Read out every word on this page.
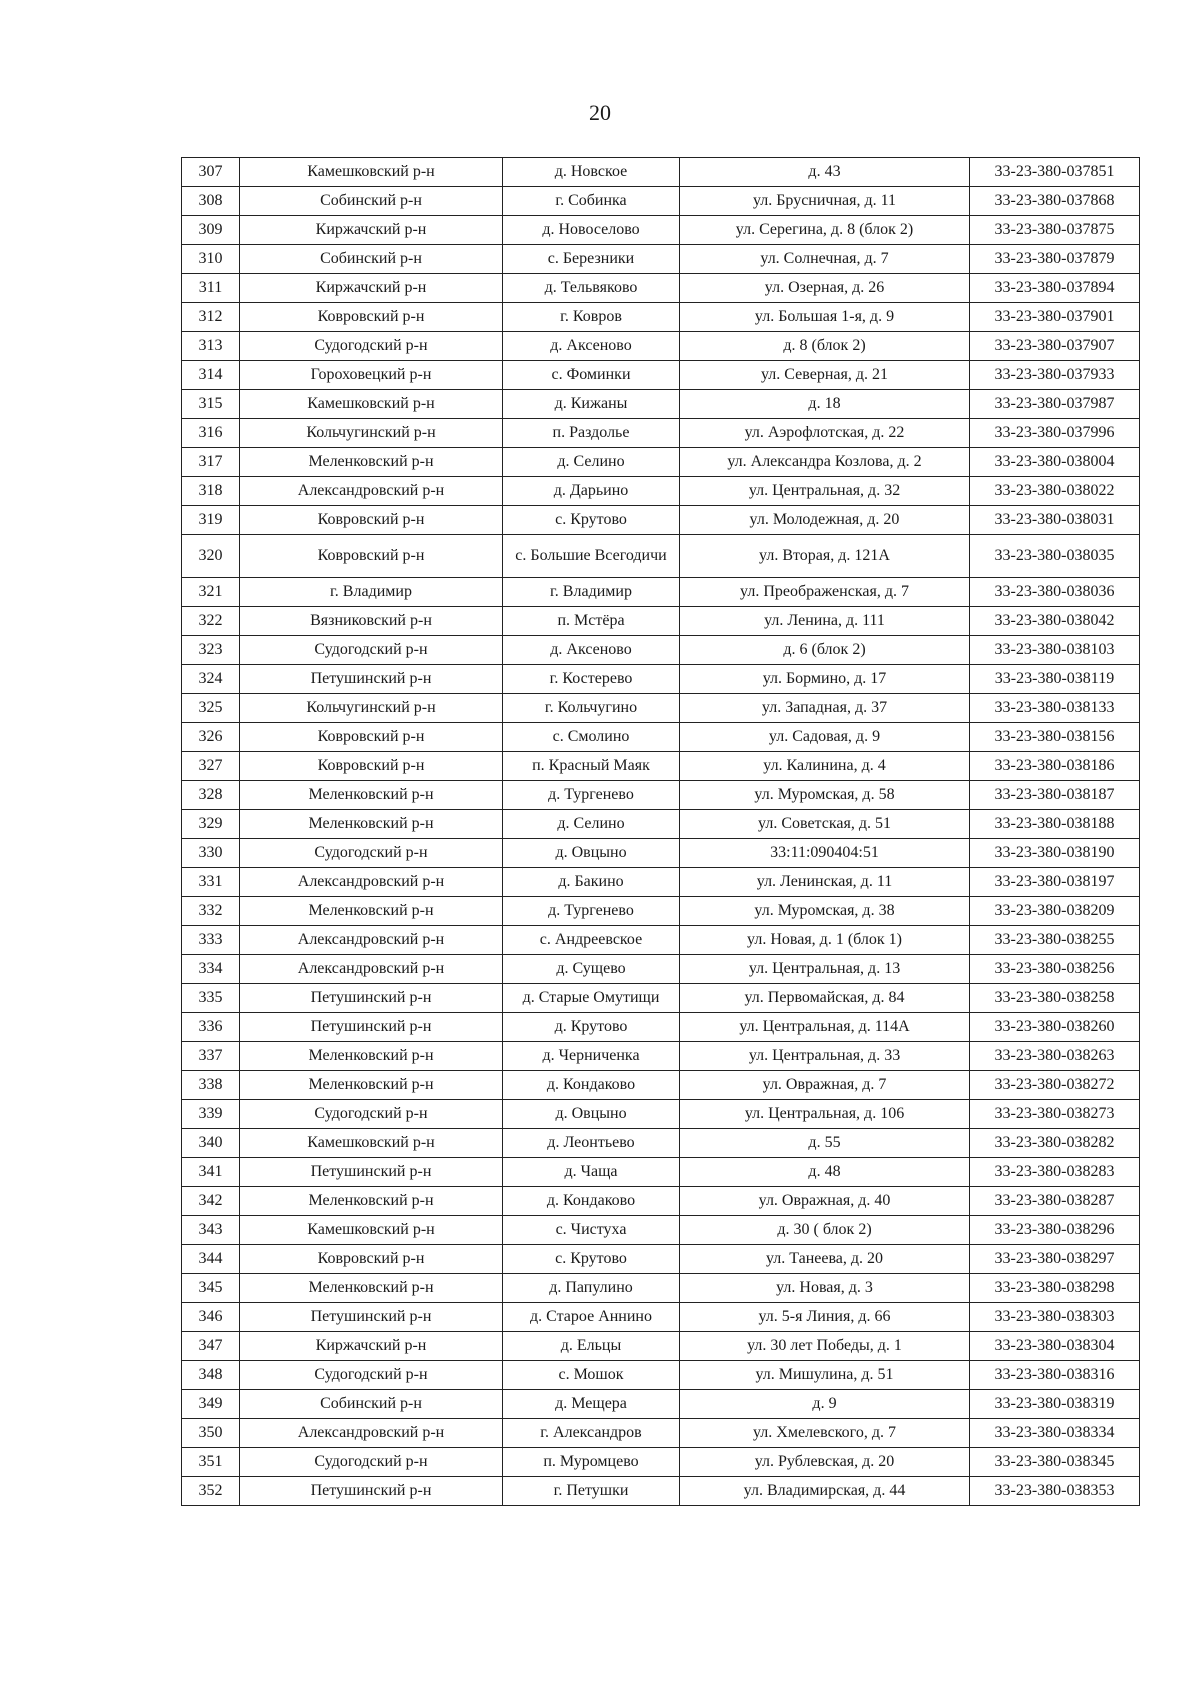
20
307	Камешковский р-н	д. Новское	д. 43	33-23-380-037851
308	Собинский р-н	г. Собинка	ул. Брусничная, д. 11	33-23-380-037868
309	Киржачский р-н	д. Новоселово	ул. Серегина, д. 8 (блок 2)	33-23-380-037875
310	Собинский р-н	с. Березники	ул. Солнечная, д. 7	33-23-380-037879
311	Киржачский р-н	д. Тельвяково	ул. Озерная, д. 26	33-23-380-037894
312	Ковровский р-н	г. Ковров	ул. Большая 1-я, д. 9	33-23-380-037901
313	Судогодский р-н	д. Аксеново	д. 8 (блок 2)	33-23-380-037907
314	Гороховецкий р-н	с. Фоминки	ул. Северная, д. 21	33-23-380-037933
315	Камешковский р-н	д. Кижаны	д. 18	33-23-380-037987
316	Кольчугинский р-н	п. Раздолье	ул. Аэрофлотская, д. 22	33-23-380-037996
317	Меленковский р-н	д. Селино	ул. Александра Козлова, д. 2	33-23-380-038004
318	Александровский р-н	д. Дарьино	ул. Центральная, д. 32	33-23-380-038022
319	Ковровский р-н	с. Крутово	ул. Молодежная, д. 20	33-23-380-038031
320	Ковровский р-н	с. Большие Всегодичи	ул. Вторая, д. 121А	33-23-380-038035
321	г. Владимир	г. Владимир	ул. Преображенская, д. 7	33-23-380-038036
322	Вязниковский р-н	п. Мстёра	ул. Ленина, д. 111	33-23-380-038042
323	Судогодский р-н	д. Аксеново	д. 6 (блок 2)	33-23-380-038103
324	Петушинский р-н	г. Костерево	ул. Бормино, д. 17	33-23-380-038119
325	Кольчугинский р-н	г. Кольчугино	ул. Западная, д. 37	33-23-380-038133
326	Ковровский р-н	с. Смолино	ул. Садовая, д. 9	33-23-380-038156
327	Ковровский р-н	п. Красный Маяк	ул. Калинина, д. 4	33-23-380-038186
328	Меленковский р-н	д. Тургенево	ул. Муромская, д. 58	33-23-380-038187
329	Меленковский р-н	д. Селино	ул. Советская, д. 51	33-23-380-038188
330	Судогодский р-н	д. Овцыно	33:11:090404:51	33-23-380-038190
331	Александровский р-н	д. Бакино	ул. Ленинская, д. 11	33-23-380-038197
332	Меленковский р-н	д. Тургенево	ул. Муромская, д. 38	33-23-380-038209
333	Александровский р-н	с. Андреевское	ул. Новая, д. 1 (блок 1)	33-23-380-038255
334	Александровский р-н	д. Сущево	ул. Центральная, д. 13	33-23-380-038256
335	Петушинский р-н	д. Старые Омутищи	ул. Первомайская, д. 84	33-23-380-038258
336	Петушинский р-н	д. Крутово	ул. Центральная, д. 114А	33-23-380-038260
337	Меленковский р-н	д. Черниченка	ул. Центральная, д. 33	33-23-380-038263
338	Меленковский р-н	д. Кондаково	ул. Овражная, д. 7	33-23-380-038272
339	Судогодский р-н	д. Овцыно	ул. Центральная, д. 106	33-23-380-038273
340	Камешковский р-н	д. Леонтьево	д. 55	33-23-380-038282
341	Петушинский р-н	д. Чаща	д. 48	33-23-380-038283
342	Меленковский р-н	д. Кондаково	ул. Овражная, д. 40	33-23-380-038287
343	Камешковский р-н	с. Чистуха	д. 30 ( блок 2)	33-23-380-038296
344	Ковровский р-н	с. Крутово	ул. Танеева, д. 20	33-23-380-038297
345	Меленковский р-н	д. Папулино	ул. Новая, д. 3	33-23-380-038298
346	Петушинский р-н	д. Старое Аннино	ул. 5-я Линия, д. 66	33-23-380-038303
347	Киржачский р-н	д. Ельцы	ул. 30 лет Победы, д. 1	33-23-380-038304
348	Судогодский р-н	с. Мошок	ул. Мишулина, д. 51	33-23-380-038316
349	Собинский р-н	д. Мещера	д. 9	33-23-380-038319
350	Александровский р-н	г. Александров	ул. Хмелевского, д. 7	33-23-380-038334
351	Судогодский р-н	п. Муромцево	ул. Рублевская, д. 20	33-23-380-038345
352	Петушинский р-н	г. Петушки	ул. Владимирская, д. 44	33-23-380-038353
